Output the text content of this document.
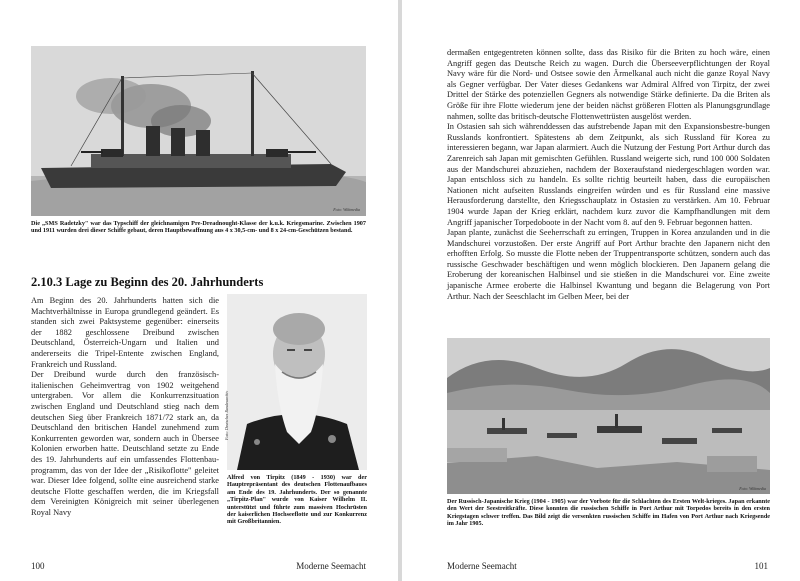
Foto: Wikimedia
Die „SMS Radetzky" war das Typschiff der gleichnamigen Pre-Dreadnought-Klasse der k.u.k. Kriegsmarine. Zwischen 1907 und 1911 wurden drei dieser Schiffe gebaut, deren Hauptbewaffnung aus 4 x 30,5-cm- und 8 x 24-cm-Geschützen bestand.
2.10.3 Lage zu Beginn des 20. Jahrhunderts

Am Beginn des 20. Jahrhunderts hatten sich die Machtverhältnisse in Europa grundlegend geändert. Es standen sich zwei Paktsysteme gegenüber: einerseits der 1882 geschlossene Dreibund zwischen Deutschland, Österreich-Ungarn und Italien und andererseits die Tripel-Entente zwischen England, Frankreich und Russland.
Der Dreibund wurde durch den französisch-italienischen Geheimvertrag von 1902 weitgehend untergraben. Vor allem die Konkurrenzsituation zwischen England und Deutschland stieg nach dem deutschen Sieg über Frankreich 1871/72 stark an, da Deutschland den britischen Handel zunehmend zum Konkurrenten geworden war, sondern auch in Übersee Kolonien erworben hatte. Deutschland setzte zu Ende des 19. Jahrhunderts auf ein umfassendes Flottenbau-programm, das von der Idee der „Risikoflotte" geleitet war. Dieser Idee folgend, sollte eine ausreichend starke deutsche Flotte geschaffen werden, die im Kriegsfall dem Vereinigten Königreich mit seiner überlegenen Royal Navy

Foto: Deutsches Bundesarchiv
Alfred von Tirpitz (1849 - 1930) war der Hauptrepräsentant des deutschen Flottenaufbaues am Ende des 19. Jahrhunderts. Der so genannte „Tirpitz-Plan" wurde von Kaiser Wilhelm II. unterstützt und führte zum massiven Hochrüsten der kaiserlichen Hochseeflotte und zur Konkurrenz mit Großbritannien.
100	Moderne Seemacht

dermaßen entgegentreten können sollte, dass das Risiko für die Briten zu hoch wäre, einen Angriff gegen das Deutsche Reich zu wagen. Durch die Überseeverpflichtungen der Royal Navy wäre für die Nord- und Ostsee sowie den Ärmelkanal auch nicht die ganze Royal Navy als Gegner verfügbar. Der Vater dieses Gedankens war Admiral Alfred von Tirpitz, der zwei Drittel der Stärke des potenziellen Gegners als notwendige Stärke definierte. Da die Briten als Größe für ihre Flotte wiederum jene der beiden nächst größeren Flotten als Planungsgrundlage nahmen, sollte das britisch-deutsche Flottenwettrüsten ausgelöst werden.
In Ostasien sah sich währenddessen das aufstrebende Japan mit den Expansionsbestre-bungen Russlands konfrontiert. Spätestens ab dem Zeitpunkt, als sich Russland für Korea zu interessieren begann, war Japan alarmiert. Auch die Nutzung der Festung Port Arthur durch das Zarenreich sah Japan mit gemischten Gefühlen. Russland weigerte sich, rund 100 000 Soldaten aus der Mandschurei abzuziehen, nachdem der Boxeraufstand niedergeschlagen worden war. Japan entschloss sich zu handeln. Es sollte richtig beurteilt haben, dass die europäischen Nationen nicht aufseiten Russlands eingreifen würden und es für Russland eine massive Herausforderung darstellte, den Kriegsschauplatz in Ostasien zu verstärken. Am 10. Februar 1904 wurde Japan der Krieg erklärt, nachdem kurz zuvor die Kampfhandlungen mit dem Angriff japanischer Torpedoboote in der Nacht vom 8. auf den 9. Februar begonnen hatten.
Japan plante, zunächst die Seeherrschaft zu erringen, Truppen in Korea anzulanden und in die Mandschurei vorzustoßen. Der erste Angriff auf Port Arthur brachte den Japanern nicht den erhofften Erfolg. So musste die Flotte neben der Truppentransporte schützen, sondern auch das russische Geschwader beschäftigen und wenn möglich blockieren. Den Japanern gelang die Eroberung der koreanischen Halbinsel und sie stießen in die Mandschurei vor. Eine zweite japanische Armee eroberte die Halbinsel Kwantung und begann die Belagerung von Port Arthur. Nach der Seeschlacht im Gelben Meer, bei der

Foto: Wikimedia
Der Russisch-Japanische Krieg (1904 - 1905) war der Vorbote für die Schlachten des Ersten Welt-krieges. Japan erkannte den Wert der Seestreitkräfte. Diese konnten die russischen Schiffe in Port Arthur mit Torpedos bereits in den ersten Kriegstagen schwer treffen. Das Bild zeigt die versenkten russischen Schiffe im Hafen von Port Arthur nach Kriegsende im Jahr 1905.
Moderne Seemacht	101
